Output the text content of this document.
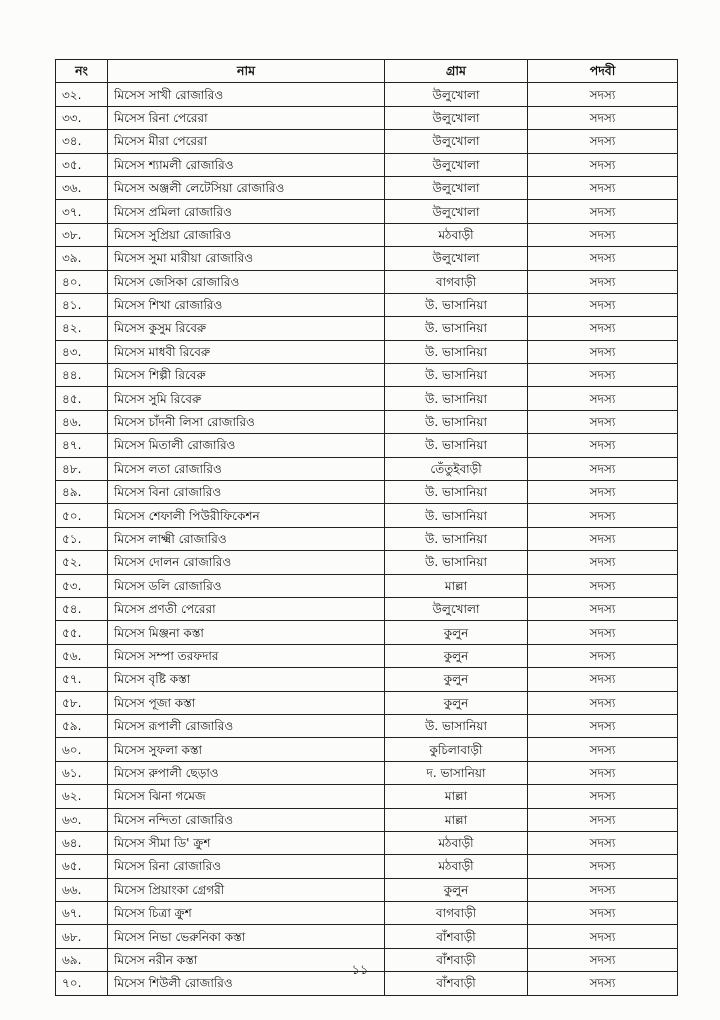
নং	নাম	গ্রাম	পদবী
৩২.	মিসেস সাখী রোজারিও	উলুখোলা	সদস্য
৩৩.	মিসেস রিনা পেরেরা	উলুখোলা	সদস্য
৩৪.	মিসেস মীরা পেরেরা	উলুখোলা	সদস্য
৩৫.	মিসেস শ্যামলী রোজারিও	উলুখোলা	সদস্য
৩৬.	মিসেস অঞ্জলী লেটেসিয়া রোজারিও	উলুখোলা	সদস্য
৩৭.	মিসেস প্রমিলা রোজারিও	উলুখোলা	সদস্য
৩৮.	মিসেস সুপ্রিয়া রোজারিও	মঠবাড়ী	সদস্য
৩৯.	মিসেস সুমা মারীয়া রোজারিও	উলুখোলা	সদস্য
৪০.	মিসেস জেসিকা রোজারিও	বাগবাড়ী	সদস্য
৪১.	মিসেস শিখা রোজারিও	উ. ভাসানিয়া	সদস্য
৪২.	মিসেস কুসুম রিবেরু	উ. ভাসানিয়া	সদস্য
৪৩.	মিসেস মাধবী রিবেরু	উ. ভাসানিয়া	সদস্য
৪৪.	মিসেস শিল্পী রিবেরু	উ. ভাসানিয়া	সদস্য
৪৫.	মিসেস সুমি রিবেরু	উ. ভাসানিয়া	সদস্য
৪৬.	মিসেস চাঁদনী লিসা রোজারিও	উ. ভাসানিয়া	সদস্য
৪৭.	মিসেস মিতালী রোজারিও	উ. ভাসানিয়া	সদস্য
৪৮.	মিসেস লতা রোজারিও	তেঁতুইবাড়ী	সদস্য
৪৯.	মিসেস বিনা রোজারিও	উ. ভাসানিয়া	সদস্য
৫০.	মিসেস শেফালী পিউরীফিকেশন	উ. ভাসানিয়া	সদস্য
৫১.	মিসেস লাক্ষ্মী রোজারিও	উ. ভাসানিয়া	সদস্য
৫২.	মিসেস দোলন রোজারিও	উ. ভাসানিয়া	সদস্য
৫৩.	মিসেস ডলি রোজারিও	মাল্লা	সদস্য
৫৪.	মিসেস প্রণতী পেরেরা	উলুখোলা	সদস্য
৫৫.	মিসেস মিঞ্জনা কস্তা	কুলুন	সদস্য
৫৬.	মিসেস সম্পা তরফদার	কুলুন	সদস্য
৫৭.	মিসেস বৃষ্টি কস্তা	কুলুন	সদস্য
৫৮.	মিসেস পূজা কস্তা	কুলুন	সদস্য
৫৯.	মিসেস রূপালী রোজারিও	উ. ভাসানিয়া	সদস্য
৬০.	মিসেস সুফলা কস্তা	কুচিলাবাড়ী	সদস্য
৬১.	মিসেস রুপালী ছেড়াও	দ. ভাসানিয়া	সদস্য
৬২.	মিসেস ঝিনা গমেজ	মাল্লা	সদস্য
৬৩.	মিসেস নন্দিতা রোজারিও	মাল্লা	সদস্য
৬৪.	মিসেস সীমা ডি' ক্রুশ	মঠবাড়ী	সদস্য
৬৫.	মিসেস রিনা রোজারিও	মঠবাড়ী	সদস্য
৬৬.	মিসেস প্রিয়াংকা গ্রেগরী	কুলুন	সদস্য
৬৭.	মিসেস চিত্রা ক্রুশ	বাগবাড়ী	সদস্য
৬৮.	মিসেস নিভা ভেরুনিকা কস্তা	বাঁশবাড়ী	সদস্য
৬৯.	মিসেস নরীন কস্তা	বাঁশবাড়ী	সদস্য
৭০.	মিসেস শিউলী রোজারিও	বাঁশবাড়ী	সদস্য
১১
